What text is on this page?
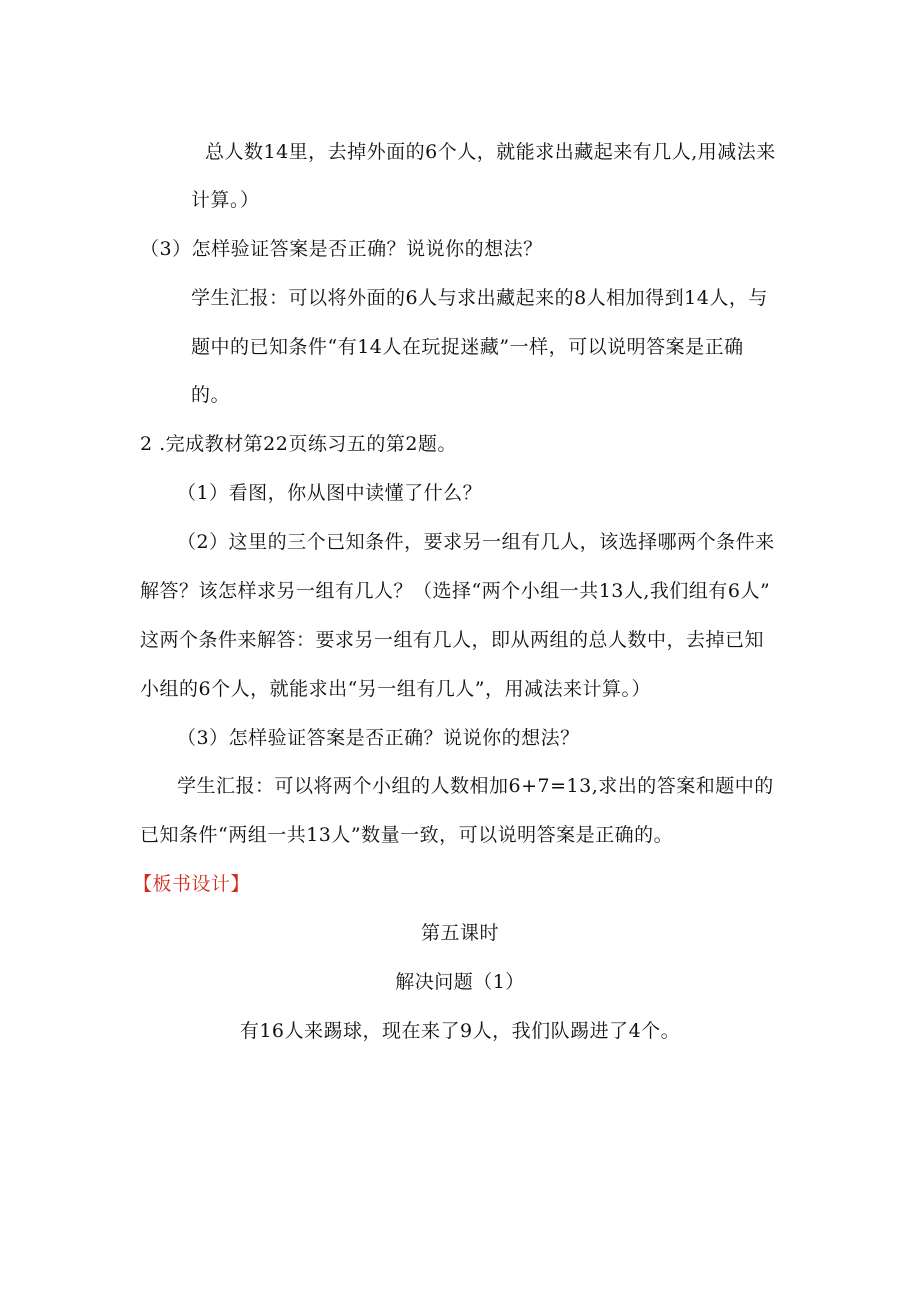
总人数14里，去掉外面的6个人，就能求出藏起来有几人,用减法来
计算。）
（3）怎样验证答案是否正确？说说你的想法？
学生汇报：可以将外面的6人与求出藏起来的8人相加得到14人，与
题中的已知条件“有14人在玩捉迷藏”一样，可以说明答案是正确
的。
2 .完成教材第22页练习五的第2题。
（1）看图，你从图中读懂了什么？
（2）这里的三个已知条件，要求另一组有几人，该选择哪两个条件来
解答？该怎样求另一组有几人？（选择“两个小组一共13人,我们组有6人”
这两个条件来解答：要求另一组有几人，即从两组的总人数中，去掉已知
小组的6个人，就能求出“另一组有几人”，用减法来计算。）
（3）怎样验证答案是否正确？说说你的想法？
学生汇报：可以将两个小组的人数相加6+7=13,求出的答案和题中的
已知条件“两组一共13人”数量一致，可以说明答案是正确的。
【板书设计】
第五课时
解决问题（1）
有16人来踢球，现在来了9人，我们队踢进了4个。
